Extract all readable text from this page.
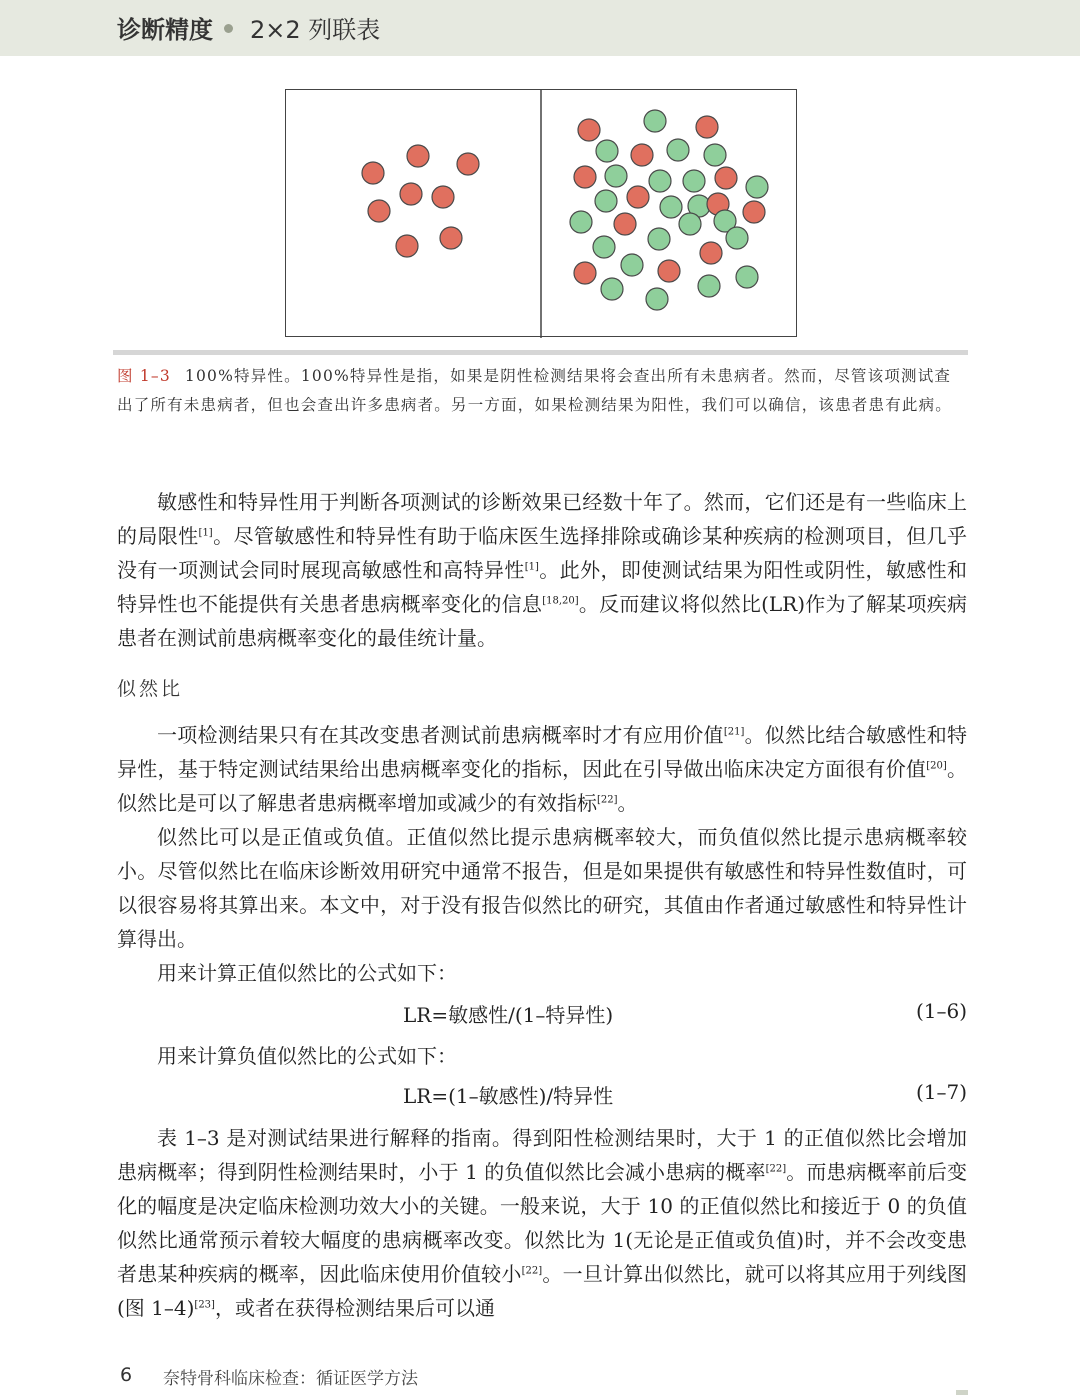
诊断精度 2×2 列联表
图 1–3 100%特异性。100%特异性是指，如果是阴性检测结果将会查出所有未患病者。然而，尽管该项测试查出了所有未患病者，但也会查出许多患病者。另一方面，如果检测结果为阳性，我们可以确信，该患者患有此病。

敏感性和特异性用于判断各项测试的诊断效果已经数十年了。然而，它们还是有一些临床上的局限性[1]。尽管敏感性和特异性有助于临床医生选择排除或确诊某种疾病的检测项目，但几乎没有一项测试会同时展现高敏感性和高特异性[1]。此外，即使测试结果为阳性或阴性，敏感性和特异性也不能提供有关患者患病概率变化的信息[18,20]。反而建议将似然比(LR)作为了解某项疾病患者在测试前患病概率变化的最佳统计量。

似然比

一项检测结果只有在其改变患者测试前患病概率时才有应用价值[21]。似然比结合敏感性和特异性，基于特定测试结果给出患病概率变化的指标，因此在引导做出临床决定方面很有价值[20]。似然比是可以了解患者患病概率增加或减少的有效指标[22]。

似然比可以是正值或负值。正值似然比提示患病概率较大，而负值似然比提示患病概率较小。尽管似然比在临床诊断效用研究中通常不报告，但是如果提供有敏感性和特异性数值时，可以很容易将其算出来。本文中，对于没有报告似然比的研究，其值由作者通过敏感性和特异性计算得出。

用来计算正值似然比的公式如下：

LR=敏感性/(1–特异性)	(1–6)

用来计算负值似然比的公式如下：

LR=(1–敏感性)/特异性	(1–7)

表 1–3 是对测试结果进行解释的指南。得到阳性检测结果时，大于 1 的正值似然比会增加患病概率；得到阴性检测结果时，小于 1 的负值似然比会减小患病的概率[22]。而患病概率前后变化的幅度是决定临床检测功效大小的关键。一般来说，大于 10 的正值似然比和接近于 0 的负值似然比通常预示着较大幅度的患病概率改变。似然比为 1(无论是正值或负值)时，并不会改变患者患某种疾病的概率，因此临床使用价值较小[22]。一旦计算出似然比，就可以将其应用于列线图(图 1–4)[23]，或者在获得检测结果后可以通

6 奈特骨科临床检查：循证医学方法
